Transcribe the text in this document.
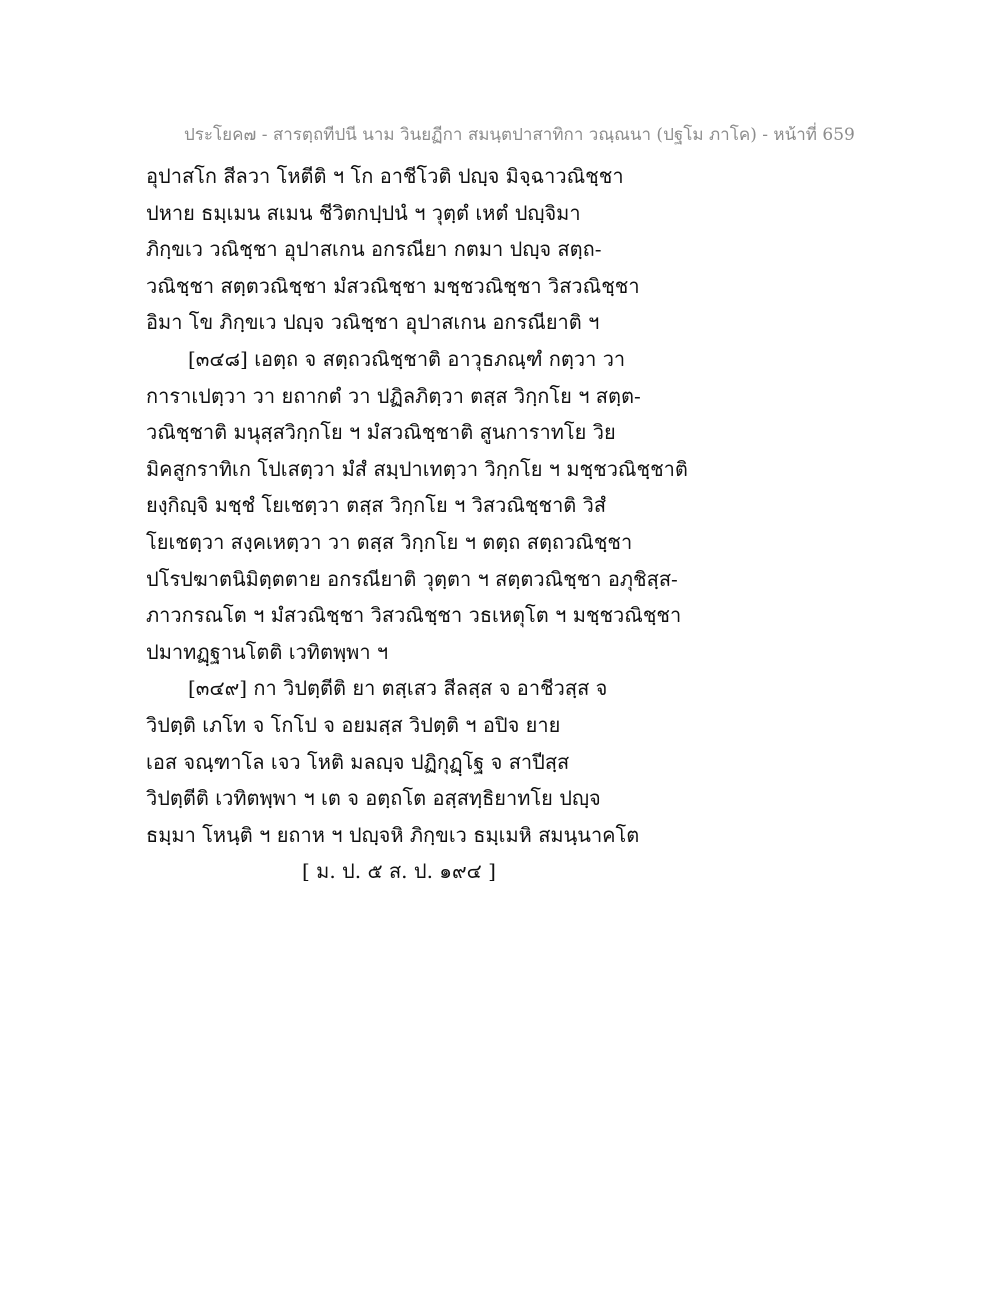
ประโยค๗ - สารตฺถทีปนี นาม วินยฏีกา สมนฺตปาสาทิกา วณฺณนา (ปฐโม ภาโค) - หน้าที่ 659
อุปาสโก สีลวา โหตีติ ฯ โก อาชีโวติ ปญฺจ มิจฺฉาวณิชฺชา
ปหาย ธมฺเมน สเมน ชีวิตกปฺปนํ ฯ วุตฺตํ เหตํ ปญฺจิมา
ภิกฺขเว วณิชฺชา อุปาสเกน อกรณียา กตมา ปญฺจ สตฺถ-
วณิชฺชา สตฺตวณิชฺชา มํสวณิชฺชา มชฺชวณิชฺชา วิสวณิชฺชา
อิมา โข ภิกฺขเว ปญฺจ วณิชฺชา อุปาสเกน อกรณียาติ ฯ
[๓๔๘] เอตฺถ จ สตฺถวณิชฺชาติ อาวุธภณฺฑํ กตฺวา วา
การาเปตฺวา วา ยถากตํ วา ปฏิลภิตฺวา ตสฺส วิกฺกโย ฯ สตฺต-
วณิชฺชาติ มนุสฺสวิกฺกโย ฯ มํสวณิชฺชาติ สูนการาทโย วิย
มิคสูกราทิเก โปเสตฺวา มํสํ สมฺปาเทตฺวา วิกฺกโย ฯ มชฺชวณิชฺชาติ
ยงฺกิญฺจิ มชฺชํ โยเชตฺวา ตสฺส วิกฺกโย ฯ วิสวณิชฺชาติ วิสํ
โยเชตฺวา สงฺคเหตฺวา วา ตสฺส วิกฺกโย ฯ ตตฺถ สตฺถวณิชฺชา
ปโรปฆาตนิมิตฺตตาย อกรณียาติ วุตฺตา ฯ สตฺตวณิชฺชา อภุชิสฺส-
ภาวกรณโต ฯ มํสวณิชฺชา วิสวณิชฺชา วธเหตุโต ฯ มชฺชวณิชฺชา
ปมาทฏฺฐานโตติ เวทิตพฺพา ฯ
[๓๔๙] กา วิปตฺตีติ ยา ตสฺเสว สีลสฺส จ อาชีวสฺส จ
วิปตฺติ เภโท จ โกโป จ อยมสฺส วิปตฺติ ฯ อปิจ ยาย
เอส จณฺฑาโล เจว โหติ มลญฺจ ปฏิกุฏฺโฐ จ สาปีสฺส
วิปตฺตีติ เวทิตพฺพา ฯ เต จ อตฺถโต อสฺสทฺธิยาทโย ปญฺจ
ธมฺมา โหนฺติ ฯ ยถาห ฯ ปญฺจหิ ภิกฺขเว ธมฺเมหิ สมนฺนาคโต
[ ม. ป. ๕ ส. ป. ๑๙๔ ]
